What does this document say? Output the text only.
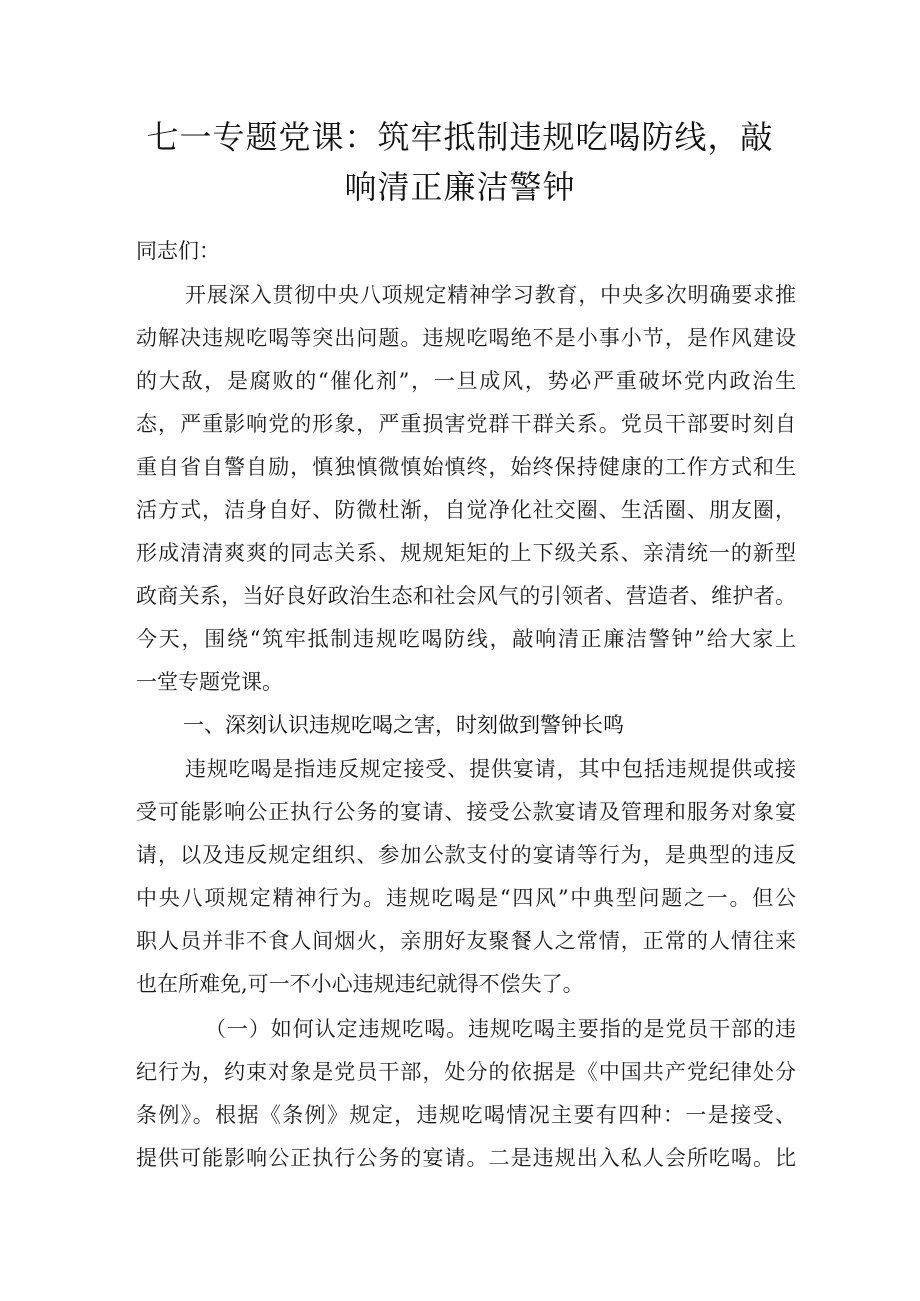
七一专题党课：筑牢抵制违规吃喝防线，敲
响清正廉洁警钟
同志们：
开展深入贯彻中央八项规定精神学习教育，中央多次明确要求推
动解决违规吃喝等突出问题。违规吃喝绝不是小事小节，是作风建设
的大敌，是腐败的“催化剂”，一旦成风，势必严重破坏党内政治生
态，严重影响党的形象，严重损害党群干群关系。党员干部要时刻自
重自省自警自励，慎独慎微慎始慎终，始终保持健康的工作方式和生
活方式，洁身自好、防微杜渐，自觉净化社交圈、生活圈、朋友圈，
形成清清爽爽的同志关系、规规矩矩的上下级关系、亲清统一的新型
政商关系，当好良好政治生态和社会风气的引领者、营造者、维护者。
今天，围绕“筑牢抵制违规吃喝防线，敲响清正廉洁警钟”给大家上
一堂专题党课。
一、深刻认识违规吃喝之害，时刻做到警钟长鸣
违规吃喝是指违反规定接受、提供宴请，其中包括违规提供或接
受可能影响公正执行公务的宴请、接受公款宴请及管理和服务对象宴
请，以及违反规定组织、参加公款支付的宴请等行为，是典型的违反
中央八项规定精神行为。违规吃喝是“四风”中典型问题之一。但公
职人员并非不食人间烟火，亲朋好友聚餐人之常情，正常的人情往来
也在所难免,可一不小心违规违纪就得不偿失了。
（一）如何认定违规吃喝。违规吃喝主要指的是党员干部的违
纪行为，约束对象是党员干部，处分的依据是《中国共产党纪律处分
条例》。根据《条例》规定，违规吃喝情况主要有四种：一是接受、
提供可能影响公正执行公务的宴请。二是违规出入私人会所吃喝。比
